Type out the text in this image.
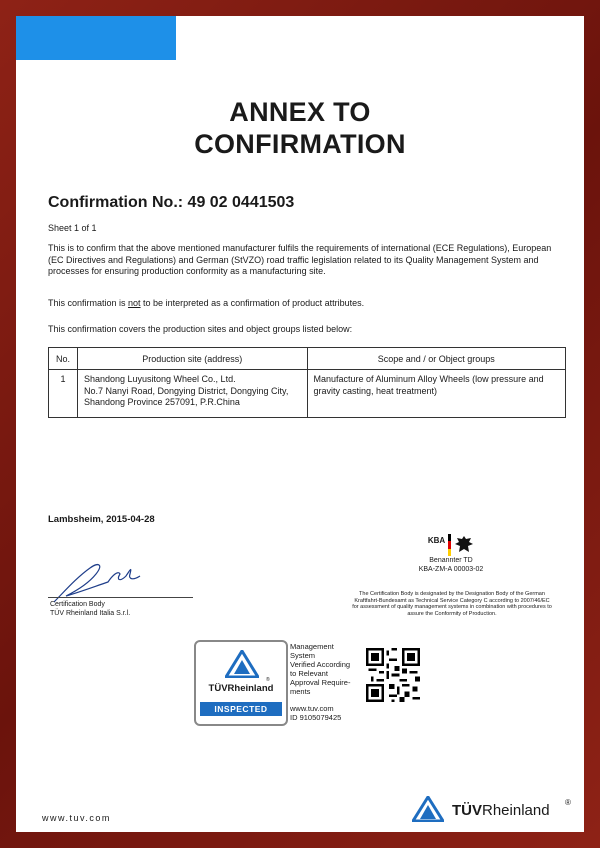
ANNEX TO
CONFIRMATION
Confirmation No.: 49 02 0441503
Sheet 1 of 1
This is to confirm that the above mentioned manufacturer fulfils the requirements of international (ECE Regulations), European (EC Directives and Regulations) and German (StVZO) road traffic legislation related to its Quality Management System and processes for ensuring production conformity as a manufacturing site.
This confirmation is not to be interpreted as a confirmation of product attributes.
This confirmation covers the production sites and object groups listed below:
No.	Production site (address)	Scope and / or Object groups
1	Shandong Luyusitong Wheel Co., Ltd.
No.7 Nanyi Road, Dongying District, Dongying City,
Shandong Province 257091, P.R.China	Manufacture of Aluminum Alloy Wheels (low pressure and gravity casting, heat treatment)
Lambsheim, 2015-04-28
Certification Body
TÜV Rheinland Italia S.r.l.
KBA
Benannter TD
KBA-ZM-A 00003-02
The Certification Body is designated by the Designation Body of the German Kraftfahrt-Bundesamt as Technical Service Category C according to 2007/46/EC for assessment of quality management systems in combination with procedures to assure the Conformity of Production.
TÜVRheinland
®
INSPECTED
Management
System
Verified According
to Relevant
Approval Require-
ments
www.tuv.com
ID 9105079425
www.tuv.com	TÜVRheinland ®
